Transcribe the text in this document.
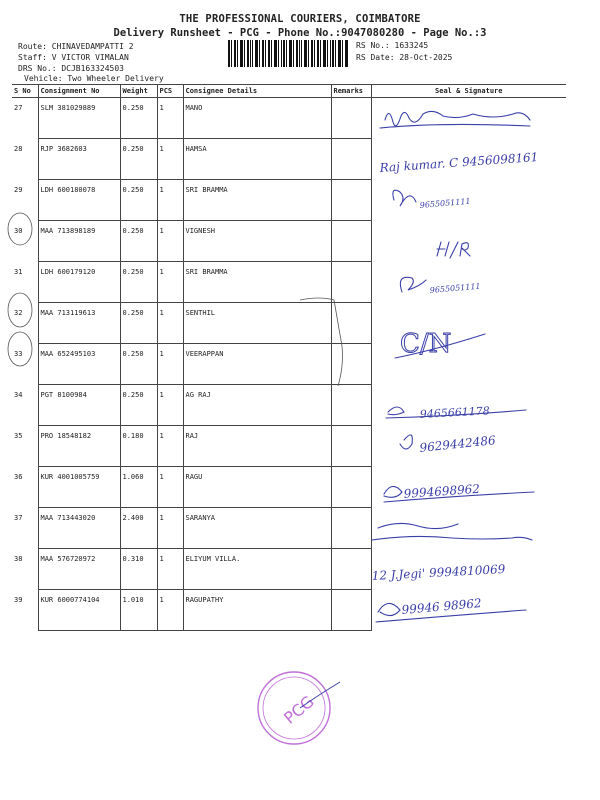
THE PROFESSIONAL COURIERS, COIMBATORE
Delivery Runsheet - PCG - Phone No.:9047080280 - Page No.:3
Route: CHINAVEDAMPATTI 2
Staff: V VICTOR VIMALAN
DRS No.: DCJB163324503
Vehicle: Two Wheeler Delivery
RS No.: 1633245
RS Date: 28-Oct-2025
S No	Consignment No	Weight	PCS	Consignee Details	Remarks	Seal & Signature
27	SLM 381029889	0.250	1	MANO		
28	RJP 3682603	0.250	1	HAMSA		
29	LDH 600180078	0.250	1	SRI BRAMMA		
30	MAA 713898189	0.250	1	VIGNESH		
31	LDH 600179120	0.250	1	SRI BRAMMA		
32	MAA 713119613	0.250	1	SENTHIL		
33	MAA 652495103	0.250	1	VEERAPPAN		
34	PGT 8100984	0.250	1	AG RAJ		
35	PRO 18548182	0.180	1	RAJ		
36	KUR 4001005759	1.060	1	RAGU		
37	MAA 713443020	2.400	1	SARANYA		
38	MAA 576720972	0.310	1	ELIYUM VILLA.		
39	KUR 6000774104	1.010	1	RAGUPATHY		
Raj kumar. C 9456098161
9655051111
9655051111
C/N
9465661178
9629442486
9994698962
12 J.Jegi' 9994810069
99946 98962
PCG
